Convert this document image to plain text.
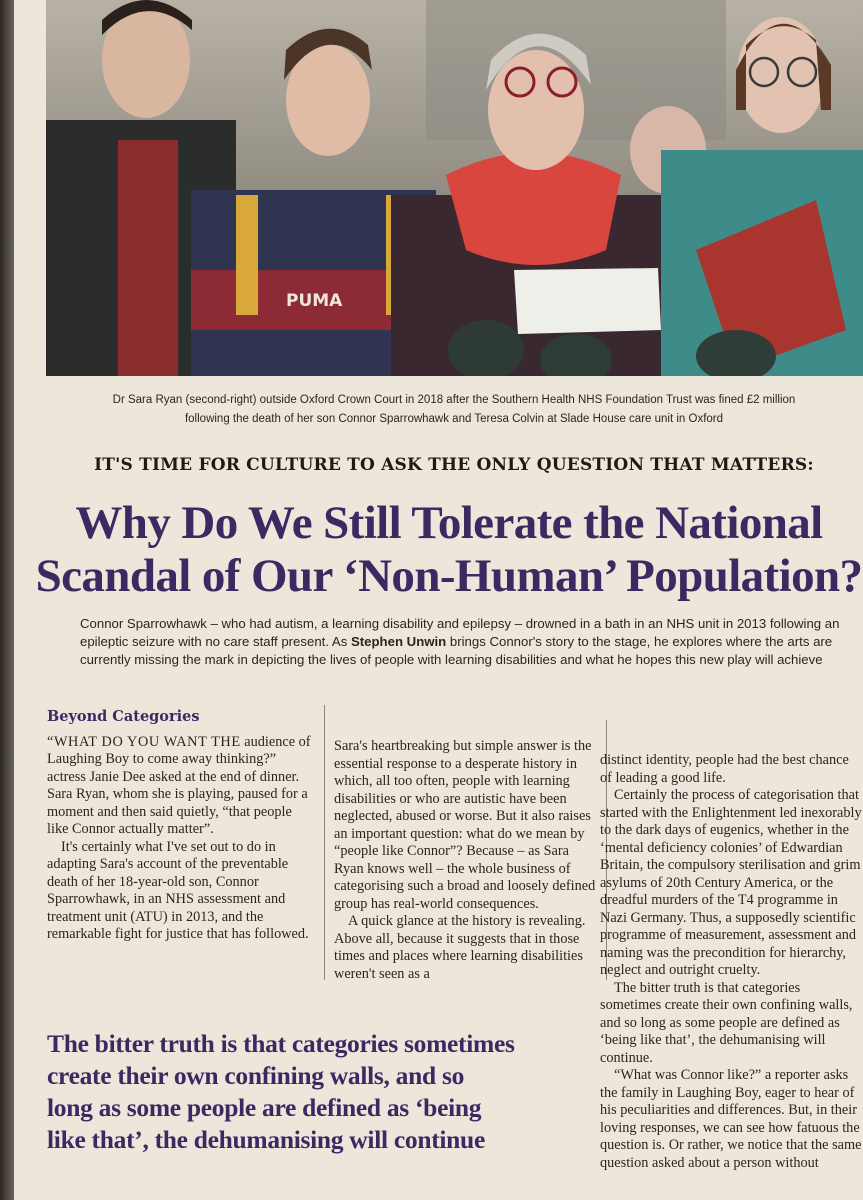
PUMA
Dr Sara Ryan (second-right) outside Oxford Crown Court in 2018 after the Southern Health NHS Foundation Trust was fined £2 million
following the death of her son Connor Sparrowhawk and Teresa Colvin at Slade House care unit in Oxford
IT'S TIME FOR CULTURE TO ASK THE ONLY QUESTION THAT MATTERS:
Why Do We Still Tolerate the National
Scandal of Our ‘Non-Human’ Population?
Connor Sparrowhawk – who had autism, a learning disability and epilepsy – drowned in a bath in an NHS unit in 2013 following an
epileptic seizure with no care staff present. As Stephen Unwin brings Connor's story to the stage, he explores where the arts are
currently missing the mark in depicting the lives of people with learning disabilities and what he hopes this new play will achieve
Beyond Categories

“WHAT DO YOU WANT THE audience of Laughing Boy to come away thinking?” actress Janie Dee asked at the end of dinner. Sara Ryan, whom she is playing, paused for a moment and then said quietly, “that people like Connor actually matter”.

It's certainly what I've set out to do in adapting Sara's account of the preventable death of her 18-year-old son, Connor Sparrowhawk, in an NHS assessment and treatment unit (ATU) in 2013, and the remarkable fight for justice that has followed.

Sara's heartbreaking but simple answer is the essential response to a desperate history in which, all too often, people with learning disabilities or who are autistic have been neglected, abused or worse. But it also raises an important question: what do we mean by “people like Connor”? Because – as Sara Ryan knows well – the whole business of categorising such a broad and loosely defined group has real-world consequences.

A quick glance at the history is revealing. Above all, because it suggests that in those times and places where learning disabilities weren't seen as a

distinct identity, people had the best chance of leading a good life.

Certainly the process of categorisation that started with the Enlightenment led inexorably to the dark days of eugenics, whether in the ‘mental deficiency colonies’ of Edwardian Britain, the compulsory sterilisation and grim asylums of 20th Century America, or the dreadful murders of the T4 programme in Nazi Germany. Thus, a supposedly scientific programme of measurement, assessment and naming was the precondition for hierarchy, neglect and outright cruelty.

The bitter truth is that categories sometimes create their own confining walls, and so long as some people are defined as ‘being like that’, the dehumanising will continue.

“What was Connor like?” a reporter asks the family in Laughing Boy, eager to hear of his peculiarities and differences. But, in their loving responses, we can see how fatuous the question is. Or rather, we notice that the same question asked about a person without

The bitter truth is that categories sometimes
create their own confining walls, and so
long as some people are defined as ‘being
like that’, the dehumanising will continue
